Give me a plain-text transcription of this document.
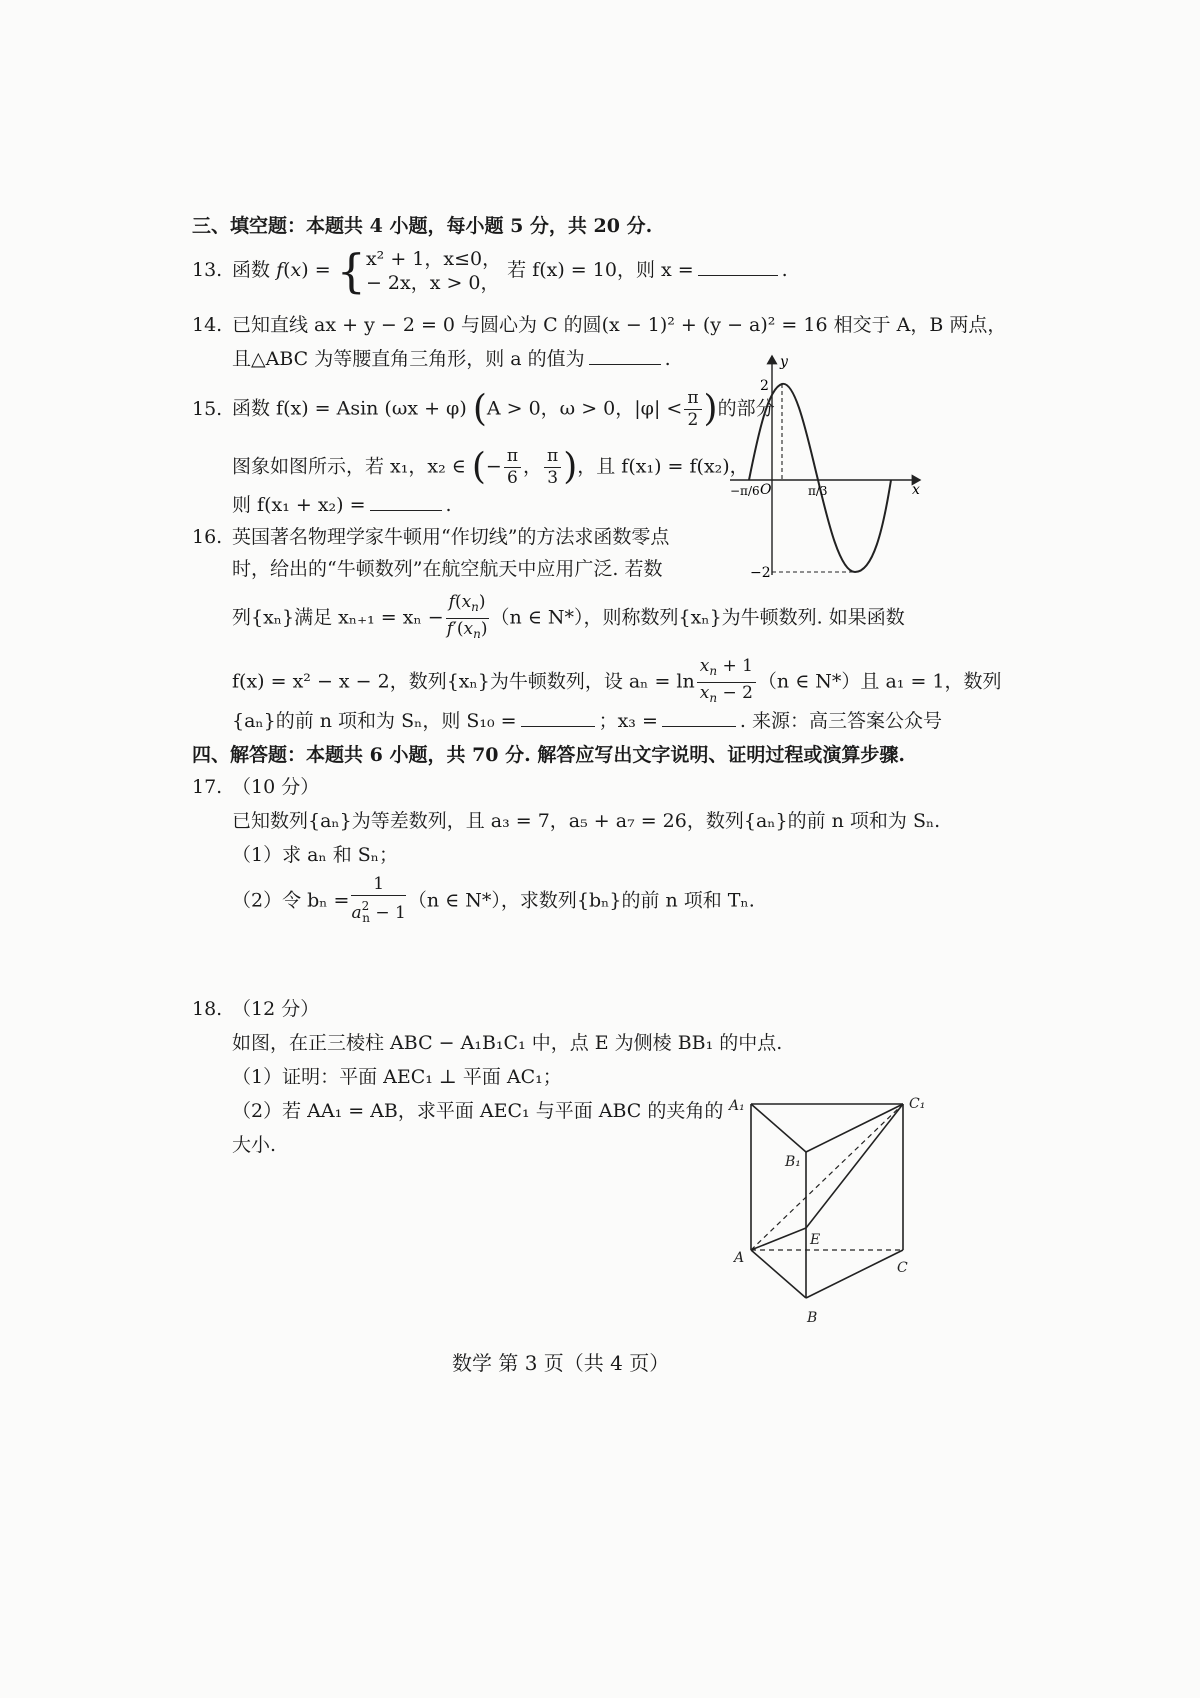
三、填空题：本题共 4 小题，每小题 5 分，共 20 分.
13. 函数 f(x) = { x² + 1，x≤0，
− 2x，x > 0，
若 f(x) = 10，则 x =	.
14. 已知直线 ax + y − 2 = 0 与圆心为 C 的圆(x − 1)² + (y − a)² = 16 相交于 A，B 两点，
且△ABC 为等腰直角三角形，则 a 的值为	.
15. 函数 f(x) = Asin (ωx + φ) (A > 0，ω > 0，$|\varphi| < \frac{\pi}{2}$ )的部分
图象如图所示，若 x₁，x₂ ∈ (− $\frac{\pi}{6}$ ， $\frac{\pi}{3}$ )，且 f(x₁) = f(x₂)，
则 f(x₁ + x₂) =	.
y
x
O
2
−2
−π/6	π/3
16. 英国著名物理学家牛顿用“作切线”的方法求函数零点
时，给出的“牛顿数列”在航空航天中应用广泛. 若数
列{xₙ}满足 $x_{n+1} = x_n - \frac{f(x_n)}{f'(x_n)} (n$ ∈ N*），则称数列{xₙ}为牛顿数列. 如果函数
f(x) = x² − x − 2，数列{xₙ}为牛顿数列，设 $a_n = \ln \frac{x_n + 1}{x_n - 2} (n$ ∈ N*）且 a₁ = 1，数列
{aₙ}的前 n 项和为 Sₙ，则 S₁₀ =	；x₃ =	. 来源：高三答案公众号
四、解答题：本题共 6 小题，共 70 分. 解答应写出文字说明、证明过程或演算步骤.
17. （10 分）
已知数列{aₙ}为等差数列，且 a₃ = 7，a₅ + a₇ = 26，数列{aₙ}的前 n 项和为 Sₙ.
（1）求 aₙ 和 Sₙ；
（2）令 $b_n = \frac{1}{a^2_n - 1} (n$ ∈ N*），求数列{bₙ}的前 n 项和 Tₙ.
18. （12 分）
如图，在正三棱柱 ABC − A₁B₁C₁ 中，点 E 为侧棱 BB₁ 的中点.
（1）证明：平面 AEC₁ ⊥ 平面 AC₁；
（2）若 AA₁ = AB，求平面 AEC₁ 与平面 ABC 的夹角的
大小.
A₁	C₁
B₁
E
A
C
B
数学 第 3 页（共 4 页）
